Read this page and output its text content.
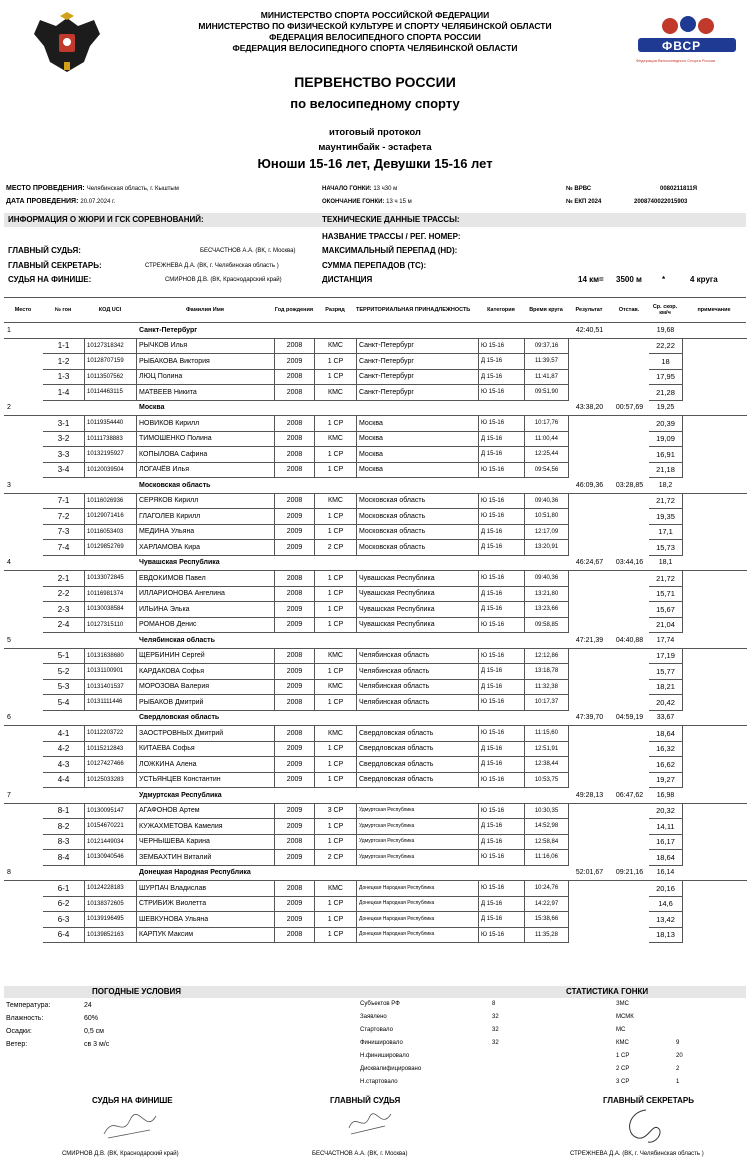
ФВСР
Федерация Велосипедного Спорта России
МИНИСТЕРСТВО СПОРТА РОССИЙСКОЙ ФЕДЕРАЦИИ
МИНИСТЕРСТВО ПО ФИЗИЧЕСКОЙ КУЛЬТУРЕ И СПОРТУ ЧЕЛЯБИНСКОЙ ОБЛАСТИ
ФЕДЕРАЦИЯ ВЕЛОСИПЕДНОГО СПОРТА РОССИИ
ФЕДЕРАЦИЯ ВЕЛОСИПЕДНОГО СПОРТА ЧЕЛЯБИНСКОЙ ОБЛАСТИ
ПЕРВЕНСТВО РОССИИ
по велосипедному спорту
итоговый протокол
маунтинбайк - эстафета
Юноши 15-16 лет, Девушки 15-16 лет
МЕСТО ПРОВЕДЕНИЯ: Челябинская область, г. Кыштым
ДАТА ПРОВЕДЕНИЯ: 20.07.2024 г.
НАЧАЛО ГОНКИ: 13 ч30 м
ОКОНЧАНИЕ ГОНКИ: 13 ч 15 м
№ ВРВС	0080211811Я
№ ЕКП 2024	2008740022015903
ИНФОРМАЦИЯ О ЖЮРИ И ГСК СОРЕВНОВАНИЙ:	ТЕХНИЧЕСКИЕ ДАННЫЕ ТРАССЫ:
ГЛАВНЫЙ СУДЬЯ:	БЕСЧАСТНОВ А.А. (ВК, г. Москва)
ГЛАВНЫЙ СЕКРЕТАРЬ:	СТРЕЖНЕВА Д.А. (ВК, г. Челябинская область )
СУДЬЯ НА ФИНИШЕ:	СМИРНОВ Д.В. (ВК, Краснодарский край)
НАЗВАНИЕ ТРАССЫ / РЕГ. НОМЕР:
МАКСИМАЛЬНЫЙ ПЕРЕПАД (HD):
СУММА ПЕРЕПАДОВ (ТС):
ДИСТАНЦИЯ	14 км= 3500 м	*	4 круга
Место	№ гон	КОД UCI	Фамилия Имя	Год рождения	Разряд	ТЕРРИТОРИАЛЬНАЯ ПРИНАДЛЕЖНОСТЬ	Категория	Время круга	Результат	Отстав.	Ср. скор. км/ч	примечание
1			Санкт-Петербург						42:40,51		19,68	
	1-1	10127318342	РЫЧКОВ Илья	2008	КМС	Санкт-Петербург	Ю 15-16	09:37,16			22,22	
	1-2	10128707159	РЫБАКОВА Виктория	2009	1 СР	Санкт-Петербург	Д 15-16	11:39,57			18	
	1-3	10113507562	ЛЮЦ Полина	2008	1 СР	Санкт-Петербург	Д 15-16	11:41,87			17,95	
	1-4	10114463115	МАТВЕЕВ Никита	2008	КМС	Санкт-Петербург	Ю 15-16	09:51,90			21,28	
2			Москва						43:38,20	00:57,69	19,25	
	3-1	10119354440	НОВИКОВ Кирилл	2008	1 СР	Москва	Ю 15-16	10:17,76			20,39	
	3-2	10111738883	ТИМОШЕНКО Полина	2008	КМС	Москва	Д 15-16	11:00,44			19,09	
	3-3	10132195927	КОПЫЛОВА Сафина	2008	1 СР	Москва	Д 15-16	12:25,44			16,91	
	3-4	10120039504	ЛОГАЧЁВ Илья	2008	1 СР	Москва	Ю 15-16	09:54,56			21,18	
3			Московская область						46:09,36	03:28,85	18,2	
	7-1	10116026936	СЕРЯКОВ Кирилл	2008	КМС	Московская область	Ю 15-16	09:40,36			21,72	
	7-2	10129071416	ГЛАГОЛЕВ Кирилл	2009	1 СР	Московская область	Ю 15-16	10:51,80			19,35	
	7-3	10116053403	МЕДИНА Ульяна	2009	1 СР	Московская область	Д 15-16	12:17,09			17,1	
	7-4	10129852769	ХАРЛАМОВА Кира	2009	2 СР	Московская область	Д 15-16	13:20,91			15,73	
4			Чувашская Республика						46:24,67	03:44,16	18,1	
	2-1	10133072845	ЕВДОКИМОВ Павел	2008	1 СР	Чувашская Республика	Ю 15-16	09:40,36			21,72	
	2-2	10116981374	ИЛЛАРИОНОВА Ангелина	2008	1 СР	Чувашская Республика	Д 15-16	13:21,80			15,71	
	2-3	10130038584	ИЛЬИНА Элька	2009	1 СР	Чувашская Республика	Д 15-16	13:23,66			15,67	
	2-4	10127315110	РОМАНОВ Денис	2009	1 СР	Чувашская Республика	Ю 15-16	09:58,85			21,04	
5			Челябинская область						47:21,39	04:40,88	17,74	
	5-1	10131638680	ЩЕРБИНИН Сергей	2008	КМС	Челябинская область	Ю 15-16	12:12,86			17,19	
	5-2	10131100901	КАРДАКОВА Софья	2009	1 СР	Челябинская область	Д 15-16	13:18,78			15,77	
	5-3	10131401537	МОРОЗОВА Валерия	2009	КМС	Челябинская область	Д 15-16	11:32,38			18,21	
	5-4	10131111446	РЫБАКОВ Дмитрий	2008	1 СР	Челябинская область	Ю 15-16	10:17,37			20,42	
6			Свердловская область						47:39,70	04:59,19	33,67	
	4-1	10112203722	ЗАОСТРОВНЫХ Дмитрий	2008	КМС	Свердловская область	Ю 15-16	11:15,60			18,64	
	4-2	10115212843	КИТАЕВА Софья	2009	1 СР	Свердловская область	Д 15-16	12:51,91			16,32	
	4-3	10127427466	ЛОЖКИНА Алена	2009	1 СР	Свердловская область	Д 15-16	12:38,44			16,62	
	4-4	10125033283	УСТЬЯНЦЕВ Константин	2009	1 СР	Свердловская область	Ю 15-16	10:53,75			19,27	
7			Удмуртская Республика						49:28,13	06:47,62	16,98	
	8-1	10130095147	АГАФОНОВ Артем	2009	3 СР	Удмуртская Республика	Ю 15-16	10:30,35			20,32	
	8-2	10154670221	КУЖАХМЕТОВА Камелия	2009	1 СР	Удмуртская Республика	Д 15-16	14:52,98			14,11	
	8-3	10121449034	ЧЕРНЫШЕВА Карина	2008	1 СР	Удмуртская Республика	Д 15-16	12:58,84			16,17	
	8-4	10130940546	ЗЕМБАХТИН Виталий	2009	2 СР	Удмуртская Республика	Ю 15-16	11:16,06			18,64	
8			Донецкая Народная Республика						52:01,67	09:21,16	16,14	
	6-1	10124228183	ШУРПАЧ Владислав	2008	КМС	Донецкая Народная Республика	Ю 15-16	10:24,76			20,16	
	6-2	10138372605	СТРИБИЖ Виолетта	2009	1 СР	Донецкая Народная Республика	Д 15-16	14:22,97			14,6	
	6-3	10139196495	ШЕВКУНОВА Ульяна	2009	1 СР	Донецкая Народная Республика	Д 15-16	15:38,66			13,42	
	6-4	10139852163	КАРПУК Максим	2008	1 СР	Донецкая Народная Республика	Ю 15-16	11:35,28			18,13	
ПОГОДНЫЕ УСЛОВИЯ	СТАТИСТИКА ГОНКИ
Температура:	24
Влажность:	60%
Осадки:	0,5 см
Ветер:	св 3 м/с
Субъектов РФ	8
Заявлено	32
Стартовало	32
Финишировало	32
Н.финишировало
Дисквалифицировано
Н.стартовало
ЗМС
МСМК
МС
КМС	9
1 СР	20
2 СР	2
3 СР	1
СУДЬЯ НА ФИНИШЕ	ГЛАВНЫЙ СУДЬЯ	ГЛАВНЫЙ СЕКРЕТАРЬ
СМИРНОВ Д.В. (ВК, Краснодарский край)	БЕСЧАСТНОВ А.А. (ВК, г. Москва)	СТРЕЖНЕВА Д.А. (ВК, г. Челябинская область )
